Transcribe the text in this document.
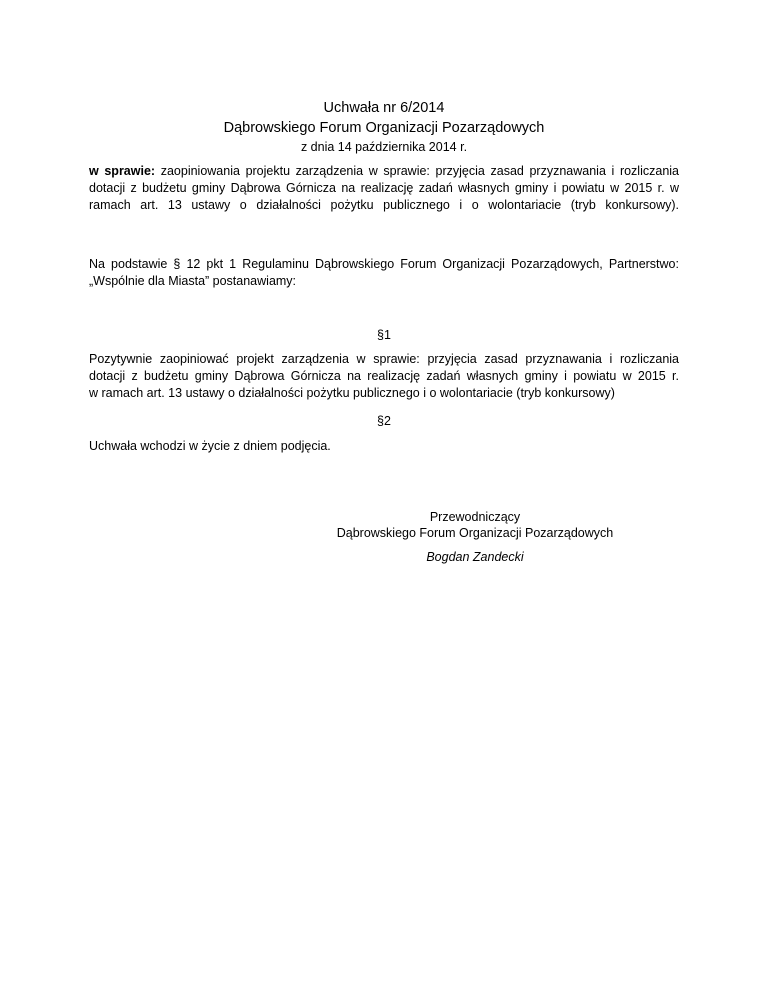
Uchwała nr 6/2014
Dąbrowskiego Forum Organizacji Pozarządowych
z dnia 14 października 2014 r.
w sprawie: zaopiniowania projektu zarządzenia w sprawie: przyjęcia zasad przyznawania i rozliczania
dotacji z budżetu gminy Dąbrowa Górnicza na realizację zadań własnych gminy i powiatu w 2015 r. w
ramach art. 13 ustawy o działalności pożytku publicznego i o wolontariacie (tryb konkursowy).
Na podstawie § 12 pkt 1 Regulaminu Dąbrowskiego Forum Organizacji Pozarządowych, Partnerstwo:
„Wspólnie dla Miasta” postanawiamy:
§1
Pozytywnie zaopiniować projekt zarządzenia w sprawie: przyjęcia zasad przyznawania i rozliczania
dotacji z budżetu gminy Dąbrowa Górnicza na realizację zadań własnych gminy i powiatu w 2015 r.
w ramach art. 13 ustawy o działalności pożytku publicznego i o wolontariacie (tryb konkursowy)
§2
Uchwała wchodzi w życie z dniem podjęcia.
Przewodniczący
Dąbrowskiego Forum Organizacji Pozarządowych
Bogdan Zandecki
